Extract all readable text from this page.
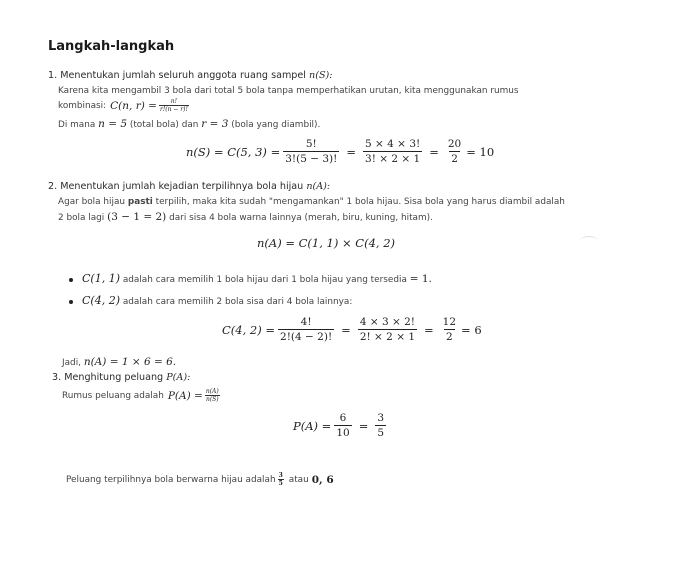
Langkah-langkah
1. Menentukan jumlah seluruh anggota ruang sampel n(S):
Karena kita mengambil 3 bola dari total 5 bola tanpa memperhatikan urutan, kita menggunakan rumus
kombinasi: C(n, $r) = \frac{n!}{r!(n - r)!}$
Di mana n = 5 (total bola) dan r = 3 (bola yang diambil).
n(S) = C(5, $3) = \frac{5!}{3!(5 - 3)!} = \frac{5 \times 4 \times 3!}{3! \times 2 \times 1} = \frac{20}{2} = 10$
2. Menentukan jumlah kejadian terpilihnya bola hijau n(A):
Agar bola hijau pasti terpilih, maka kita sudah "mengamankan" 1 bola hijau. Sisa bola yang harus diambil adalah
2 bola lagi (3 − 1 = 2) dari sisa 4 bola warna lainnya (merah, biru, kuning, hitam).
n(A) = C(1, 1) × C(4, 2)
C(1, 1) adalah cara memilih 1 bola hijau dari 1 bola hijau yang tersedia = 1.
C(4, 2) adalah cara memilih 2 bola sisa dari 4 bola lainnya:
C(4, $2) = \frac{4!}{2!(4 - 2)!} = \frac{4 \times 3 \times 2!}{2! \times 2 \times 1} = \frac{12}{2} = 6$
Jadi, n(A) = 1 × 6 = 6.
3. Menghitung peluang P(A):
Rumus peluang adalah $P(A) = \frac{n(A)}{n(S)}$
$P(A) = \frac{6}{10} = \frac{3}{5}$
Peluang terpilihnya bola berwarna hijau adalah $\frac{3}{5}$ atau 0, 6
